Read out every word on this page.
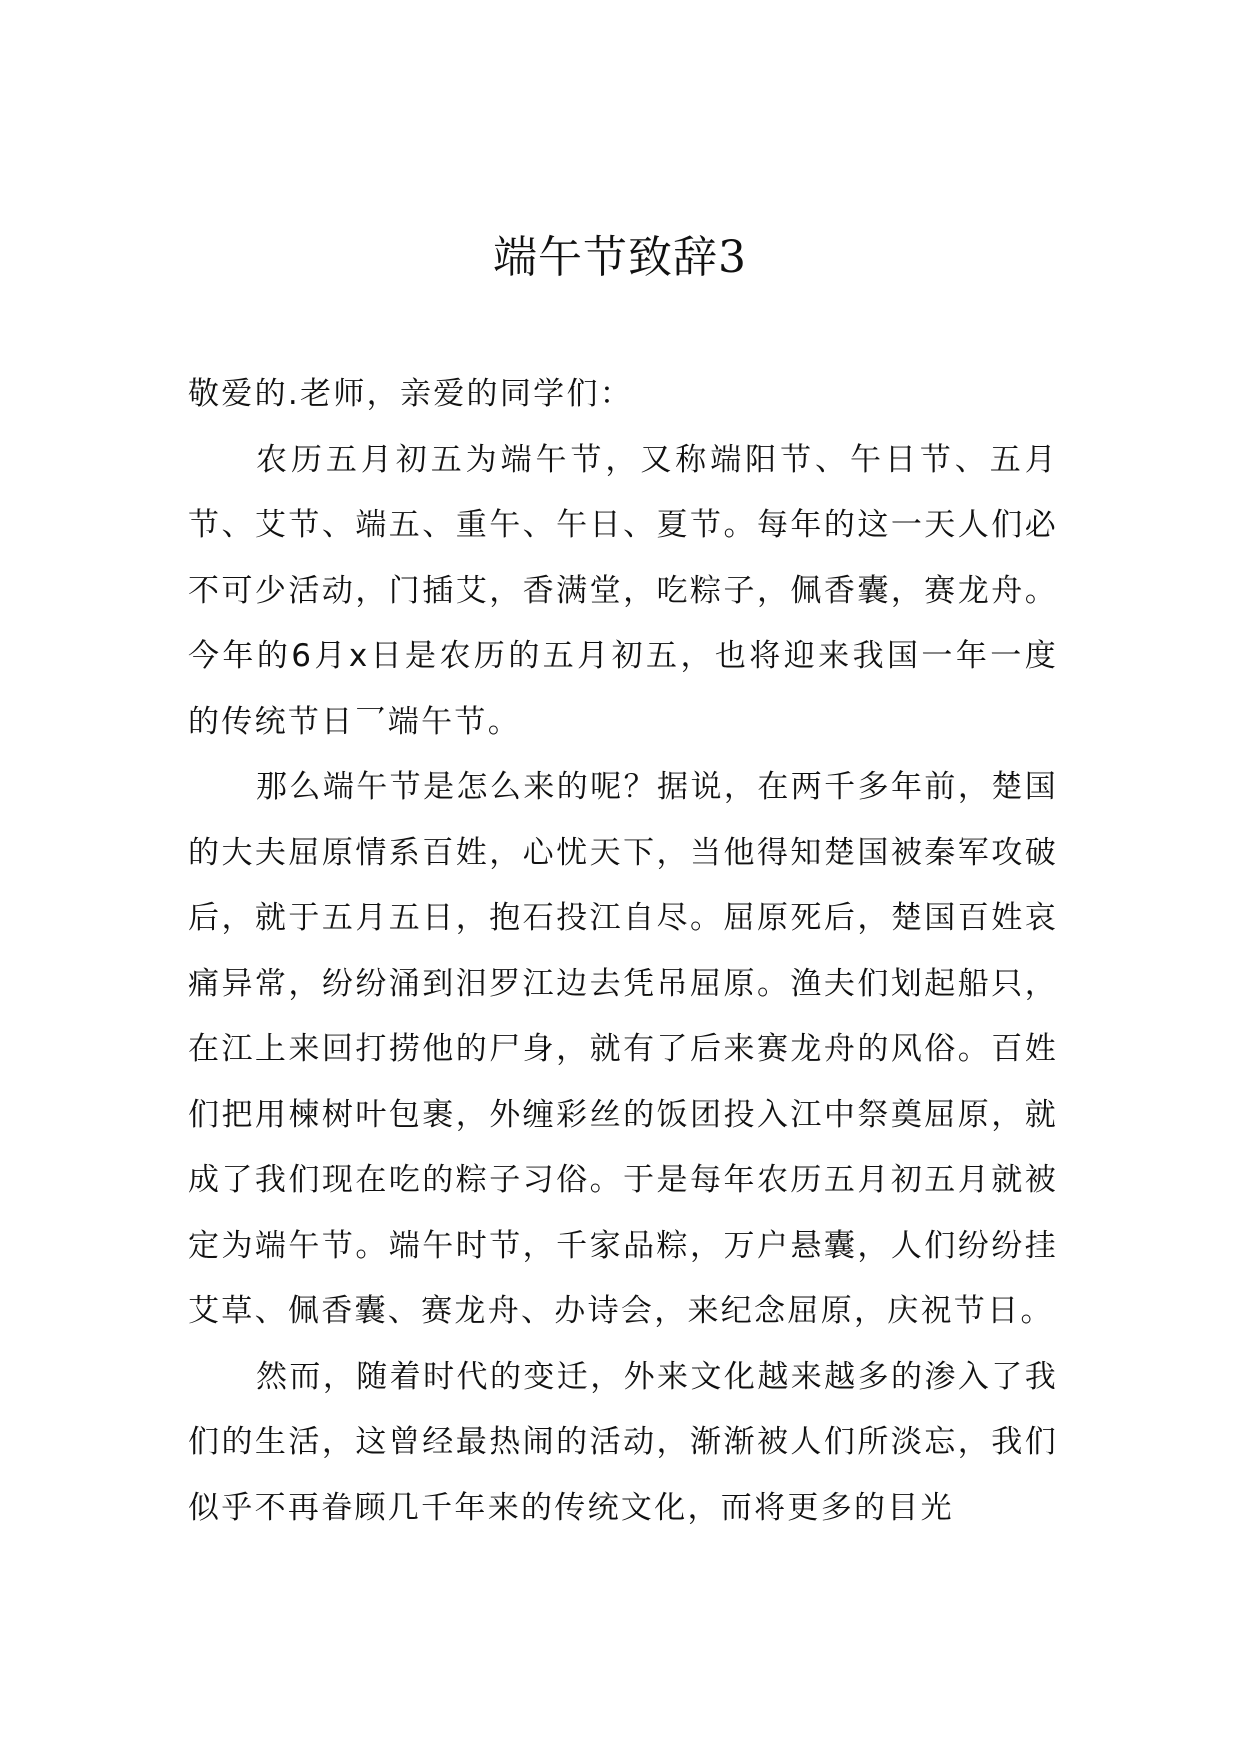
端午节致辞3

敬爱的.老师，亲爱的同学们：

农历五月初五为端午节，又称端阳节、午日节、五月节、艾节、端五、重午、午日、夏节。每年的这一天人们必不可少活动，门插艾，香满堂，吃粽子，佩香囊，赛龙舟。今年的6月x日是农历的五月初五，也将迎来我国一年一度的传统节日乛端午节。

那么端午节是怎么来的呢？据说，在两千多年前，楚国的大夫屈原情系百姓，心忧天下，当他得知楚国被秦军攻破后，就于五月五日，抱石投江自尽。屈原死后，楚国百姓哀痛异常，纷纷涌到汨罗江边去凭吊屈原。渔夫们划起船只，在江上来回打捞他的尸身，就有了后来赛龙舟的风俗。百姓们把用楝树叶包裹，外缠彩丝的饭团投入江中祭奠屈原，就成了我们现在吃的粽子习俗。于是每年农历五月初五月就被定为端午节。端午时节，千家品粽，万户悬囊，人们纷纷挂艾草、佩香囊、赛龙舟、办诗会，来纪念屈原，庆祝节日。

然而，随着时代的变迁，外来文化越来越多的渗入了我们的生活，这曾经最热闹的活动，渐渐被人们所淡忘，我们似乎不再眷顾几千年来的传统文化，而将更多的目光
